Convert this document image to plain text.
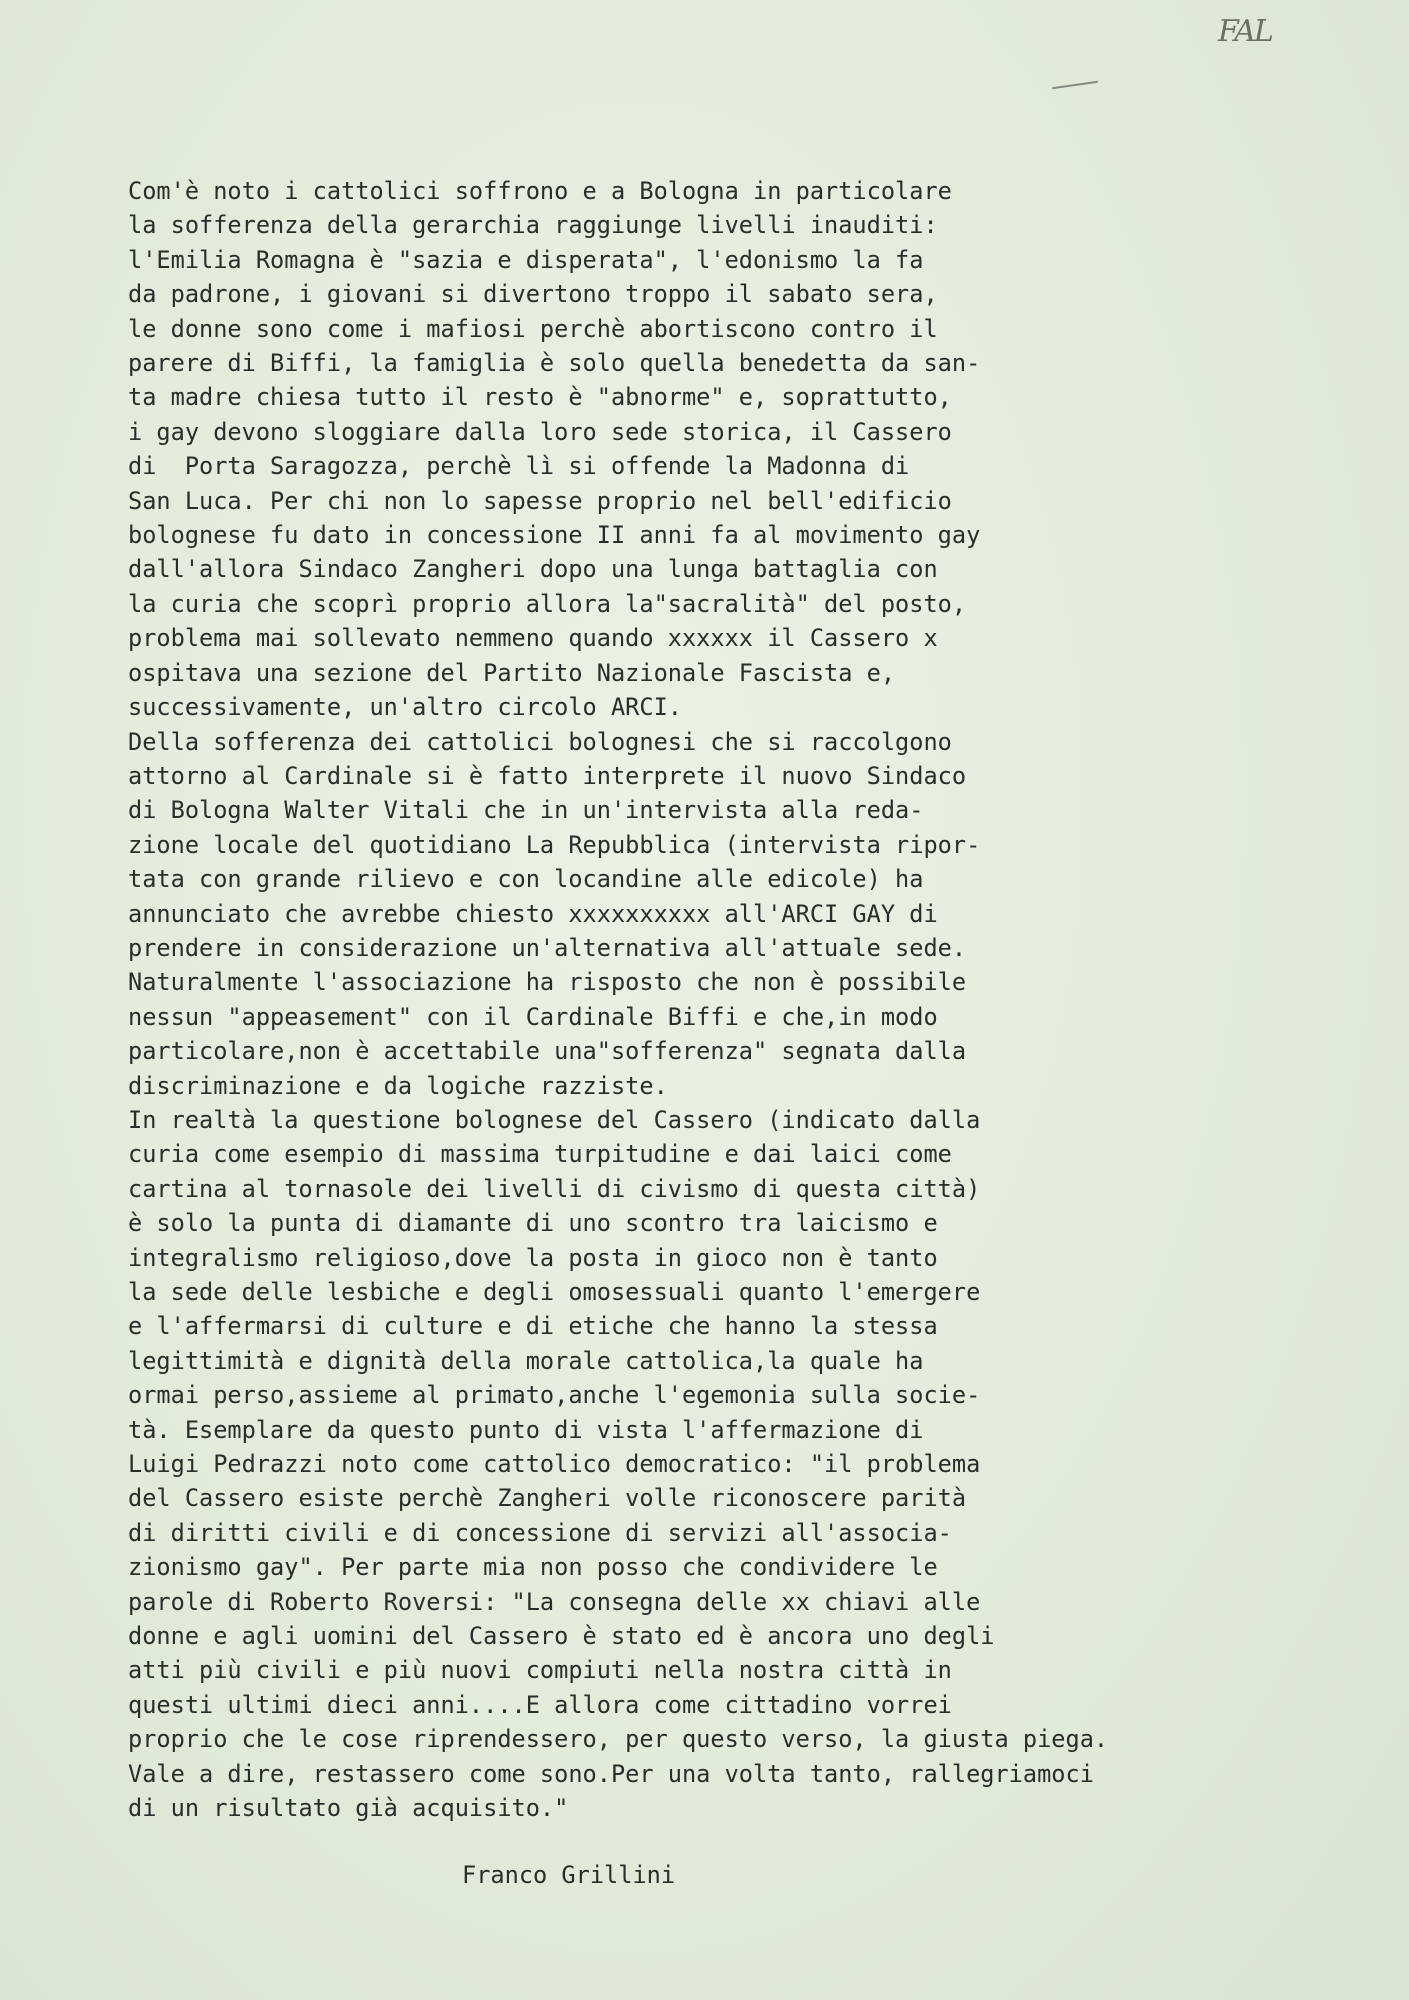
FAL
Com'è noto i cattolici soffrono e a Bologna in particolare
la sofferenza della gerarchia raggiunge livelli inauditi:
l'Emilia Romagna è "sazia e disperata", l'edonismo la fa
da padrone, i giovani si divertono troppo il sabato sera,
le donne sono come i mafiosi perchè abortiscono contro il
parere di Biffi, la famiglia è solo quella benedetta da san-
ta madre chiesa tutto il resto è "abnorme" e, soprattutto,
i gay devono sloggiare dalla loro sede storica, il Cassero
di  Porta Saragozza, perchè lì si offende la Madonna di
San Luca. Per chi non lo sapesse proprio nel bell'edificio
bolognese fu dato in concessione II anni fa al movimento gay
dall'allora Sindaco Zangheri dopo una lunga battaglia con
la curia che scoprì proprio allora la"sacralità" del posto,
problema mai sollevato nemmeno quando xxxxxx il Cassero x
ospitava una sezione del Partito Nazionale Fascista e,
successivamente, un'altro circolo ARCI.
Della sofferenza dei cattolici bolognesi che si raccolgono
attorno al Cardinale si è fatto interprete il nuovo Sindaco
di Bologna Walter Vitali che in un'intervista alla reda-
zione locale del quotidiano La Repubblica (intervista ripor-
tata con grande rilievo e con locandine alle edicole) ha
annunciato che avrebbe chiesto xxxxxxxxxx all'ARCI GAY di
prendere in considerazione un'alternativa all'attuale sede.
Naturalmente l'associazione ha risposto che non è possibile
nessun "appeasement" con il Cardinale Biffi e che,in modo
particolare,non è accettabile una"sofferenza" segnata dalla
discriminazione e da logiche razziste.
In realtà la questione bolognese del Cassero (indicato dalla
curia come esempio di massima turpitudine e dai laici come
cartina al tornasole dei livelli di civismo di questa città)
è solo la punta di diamante di uno scontro tra laicismo e
integralismo religioso,dove la posta in gioco non è tanto
la sede delle lesbiche e degli omosessuali quanto l'emergere
e l'affermarsi di culture e di etiche che hanno la stessa
legittimità e dignità della morale cattolica,la quale ha
ormai perso,assieme al primato,anche l'egemonia sulla socie-
tà. Esemplare da questo punto di vista l'affermazione di
Luigi Pedrazzi noto come cattolico democratico: "il problema
del Cassero esiste perchè Zangheri volle riconoscere parità
di diritti civili e di concessione di servizi all'associa-
zionismo gay". Per parte mia non posso che condividere le
parole di Roberto Roversi: "La consegna delle xx chiavi alle
donne e agli uomini del Cassero è stato ed è ancora uno degli
atti più civili e più nuovi compiuti nella nostra città in
questi ultimi dieci anni....E allora come cittadino vorrei
proprio che le cose riprendessero, per questo verso, la giusta piega.
Vale a dire, restassero come sono.Per una volta tanto, rallegriamoci
di un risultato già acquisito."
Franco Grillini
